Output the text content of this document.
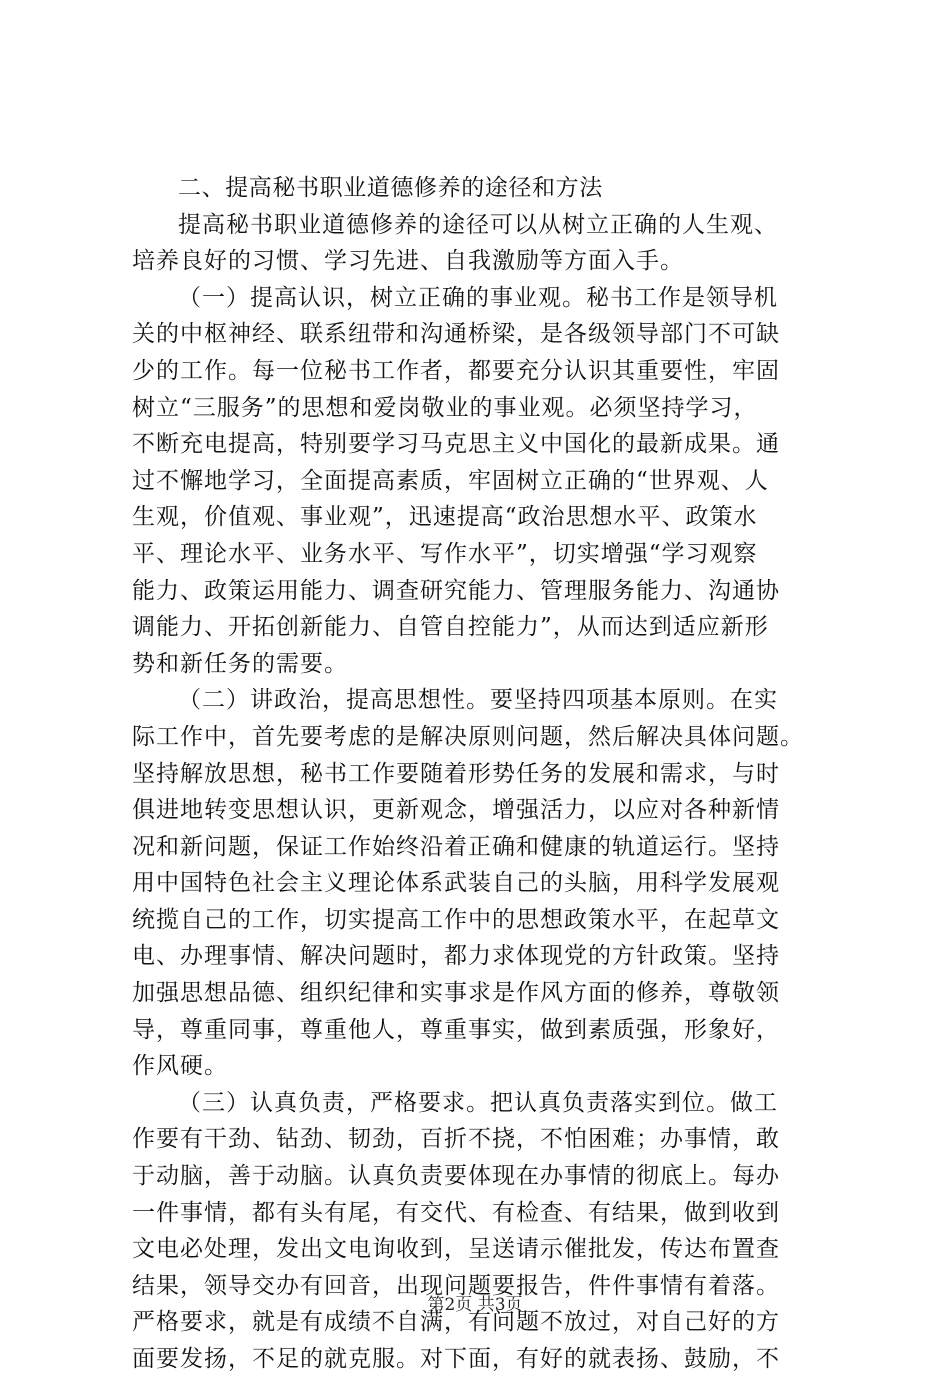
二、提高秘书职业道德修养的途径和方法
提高秘书职业道德修养的途径可以从树立正确的人生观、
培养良好的习惯、学习先进、自我激励等方面入手。
（一）提高认识，树立正确的事业观。秘书工作是领导机
关的中枢神经、联系纽带和沟通桥梁，是各级领导部门不可缺
少的工作。每一位秘书工作者，都要充分认识其重要性，牢固
树立“三服务”的思想和爱岗敬业的事业观。必须坚持学习，
不断充电提高，特别要学习马克思主义中国化的最新成果。通
过不懈地学习，全面提高素质，牢固树立正确的“世界观、人
生观，价值观、事业观”，迅速提高“政治思想水平、政策水
平、理论水平、业务水平、写作水平”，切实增强“学习观察
能力、政策运用能力、调查研究能力、管理服务能力、沟通协
调能力、开拓创新能力、自管自控能力”，从而达到适应新形
势和新任务的需要。
（二）讲政治，提高思想性。要坚持四项基本原则。在实
际工作中，首先要考虑的是解决原则问题，然后解决具体问题。
坚持解放思想，秘书工作要随着形势任务的发展和需求，与时
俱进地转变思想认识，更新观念，增强活力，以应对各种新情
况和新问题，保证工作始终沿着正确和健康的轨道运行。坚持
用中国特色社会主义理论体系武装自己的头脑，用科学发展观
统揽自己的工作，切实提高工作中的思想政策水平，在起草文
电、办理事情、解决问题时，都力求体现党的方针政策。坚持
加强思想品德、组织纪律和实事求是作风方面的修养，尊敬领
导，尊重同事，尊重他人，尊重事实，做到素质强，形象好，
作风硬。
（三）认真负责，严格要求。把认真负责落实到位。做工
作要有干劲、钻劲、韧劲，百折不挠，不怕困难；办事情，敢
于动脑，善于动脑。认真负责要体现在办事情的彻底上。每办
一件事情，都有头有尾，有交代、有检查、有结果，做到收到
文电必处理，发出文电询收到，呈送请示催批发，传达布置查
结果，领导交办有回音，出现问题要报告，件件事情有着落。
严格要求，就是有成绩不自满，有问题不放过，对自己好的方
面要发扬，不足的就克服。对下面，有好的就表扬、鼓励，不
第2页 共3页
